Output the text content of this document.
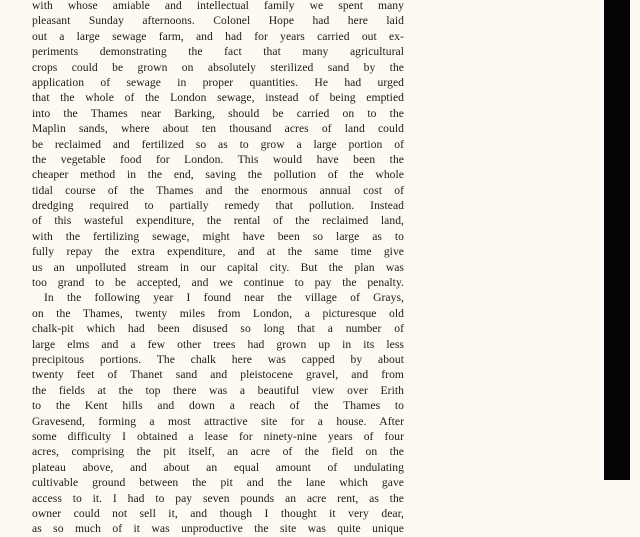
with whose amiable and intellectual family we spent many
pleasant Sunday afternoons. Colonel Hope had here laid
out a large sewage farm, and had for years carried out ex-
periments demonstrating the fact that many agricultural
crops could be grown on absolutely sterilized sand by the
application of sewage in proper quantities. He had urged
that the whole of the London sewage, instead of being emptied
into the Thames near Barking, should be carried on to the
Maplin sands, where about ten thousand acres of land could
be reclaimed and fertilized so as to grow a large portion of
the vegetable food for London. This would have been the
cheaper method in the end, saving the pollution of the whole
tidal course of the Thames and the enormous annual cost of
dredging required to partially remedy that pollution. Instead
of this wasteful expenditure, the rental of the reclaimed land,
with the fertilizing sewage, might have been so large as to
fully repay the extra expenditure, and at the same time give
us an unpolluted stream in our capital city. But the plan was
too grand to be accepted, and we continue to pay the penalty.
In the following year I found near the village of Grays,
on the Thames, twenty miles from London, a picturesque old
chalk-pit which had been disused so long that a number of
large elms and a few other trees had grown up in its less
precipitous portions. The chalk here was capped by about
twenty feet of Thanet sand and pleistocene gravel, and from
the fields at the top there was a beautiful view over Erith
to the Kent hills and down a reach of the Thames to
Gravesend, forming a most attractive site for a house. After
some difficulty I obtained a lease for ninety-nine years of four
acres, comprising the pit itself, an acre of the field on the
plateau above, and about an equal amount of undulating
cultivable ground between the pit and the lane which gave
access to it. I had to pay seven pounds an acre rent, as the
owner could not sell it, and though I thought it very dear,
as so much of it was unproductive the site was quite unique
